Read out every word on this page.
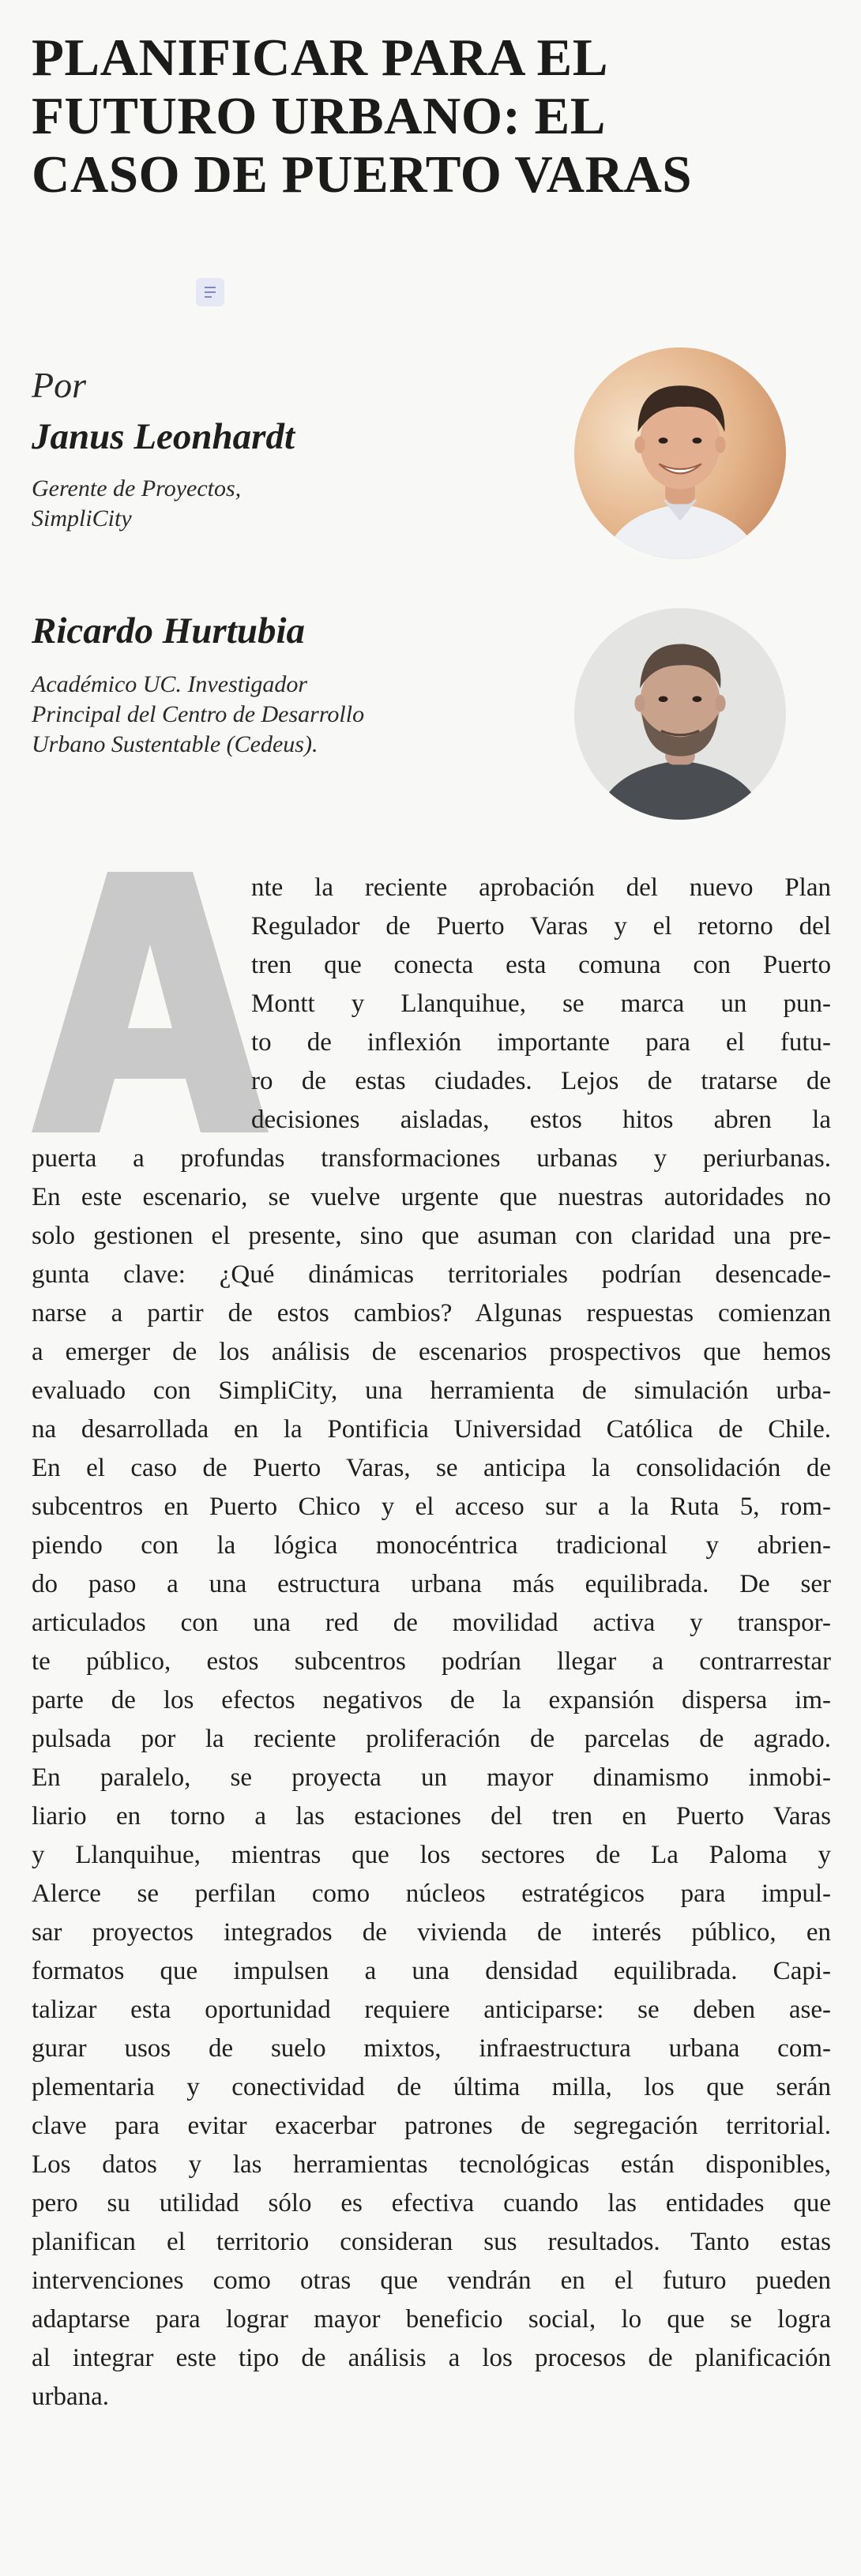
PLANIFICAR PARA EL
FUTURO URBANO: EL
CASO DE PUERTO VARAS
Por
Janus Leonhardt
Gerente de Proyectos,
SimpliCity
Ricardo Hurtubia
Académico UC. Investigador
Principal del Centro de Desarrollo
Urbano Sustentable (Cedeus).
A
nte la reciente aprobación del nuevo Plan
Regulador de Puerto Varas y el retorno del
tren que conecta esta comuna con Puerto
Montt y Llanquihue, se marca un pun-
to de inflexión importante para el futu-
ro de estas ciudades. Lejos de tratarse de
decisiones aisladas, estos hitos abren la
puerta a profundas transformaciones urbanas y periurbanas.
En este escenario, se vuelve urgente que nuestras autoridades no
solo gestionen el presente, sino que asuman con claridad una pre-
gunta clave: ¿Qué dinámicas territoriales podrían desencade-
narse a partir de estos cambios? Algunas respuestas comienzan
a emerger de los análisis de escenarios prospectivos que hemos
evaluado con SimpliCity, una herramienta de simulación urba-
na desarrollada en la Pontificia Universidad Católica de Chile.
En el caso de Puerto Varas, se anticipa la consolidación de
subcentros en Puerto Chico y el acceso sur a la Ruta 5, rom-
piendo con la lógica monocéntrica tradicional y abrien-
do paso a una estructura urbana más equilibrada. De ser
articulados con una red de movilidad activa y transpor-
te público, estos subcentros podrían llegar a contrarrestar
parte de los efectos negativos de la expansión dispersa im-
pulsada por la reciente proliferación de parcelas de agrado.
En paralelo, se proyecta un mayor dinamismo inmobi-
liario en torno a las estaciones del tren en Puerto Varas
y Llanquihue, mientras que los sectores de La Paloma y
Alerce se perfilan como núcleos estratégicos para impul-
sar proyectos integrados de vivienda de interés público, en
formatos que impulsen a una densidad equilibrada. Capi-
talizar esta oportunidad requiere anticiparse: se deben ase-
gurar usos de suelo mixtos, infraestructura urbana com-
plementaria y conectividad de última milla, los que serán
clave para evitar exacerbar patrones de segregación territorial.
Los datos y las herramientas tecnológicas están disponibles,
pero su utilidad sólo es efectiva cuando las entidades que
planifican el territorio consideran sus resultados. Tanto estas
intervenciones como otras que vendrán en el futuro pueden
adaptarse para lograr mayor beneficio social, lo que se logra
al integrar este tipo de análisis a los procesos de planificación
urbana.
